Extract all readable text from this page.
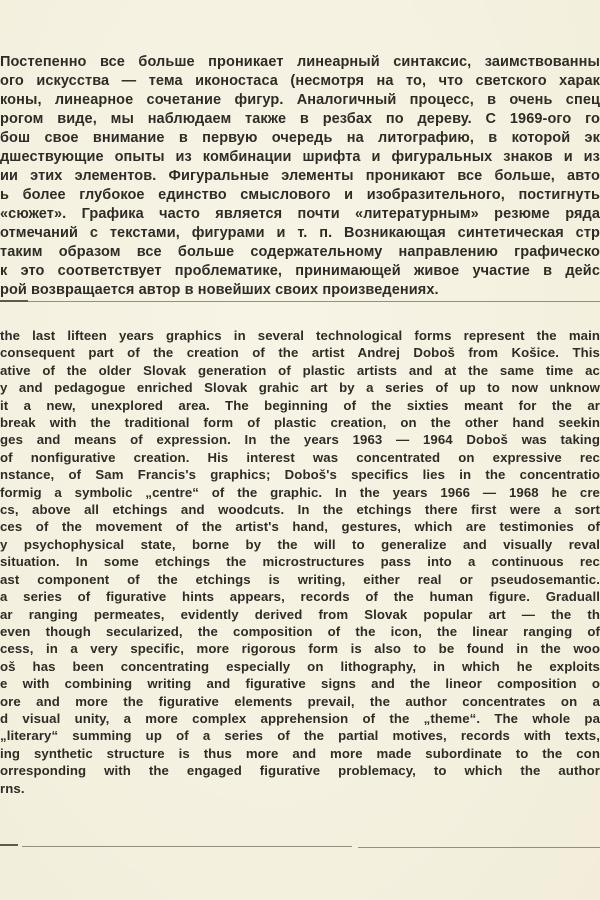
Постепенно все больше проникает линеарный синтаксис, заимствованны
ого искусства — тема иконостаса (несмотря на то, что светского харак
коны, линеарное сочетание фигур. Аналогичный процесс, в очень спец
рогом виде, мы наблюдаем также в резбах по дереву. С 1969-ого го
бош свое внимание в первую очередь на литографию, в которой эк
дшествующие опыты из комбинации шрифта и фигуральных знаков и из
ии этих элементов. Фигуральные элементы проникают все больше, авто
ь более глубокое единство смыслового и изобразительного, постигнуть
«сюжет». Графика часто является почти «литературным» резюме ряда
отмечаний с текстами, фигурами и т. п. Возникающая синтетическая стр
таким образом все больше содержательному направлению графическо
к это соответствует проблематике, принимающей живое участие в дейс
рой возвращается автор в новейших своих произведениях.
the last lifteen years graphics in several technological forms represent the main
consequent part of the creation of the artist Andrej Doboš from Košice. This
ative of the older Slovak generation of plastic artists and at the same time ac
y and pedagogue enriched Slovak grahic art by a series of up to now unknow
it a new, unexplored area. The beginning of the sixties meant for the ar
break with the traditional form of plastic creation, on the other hand seekin
ges and means of expression. In the years 1963 — 1964 Doboš was taking
of nonfigurative creation. His interest was concentrated on expressive rec
nstance, of Sam Francis's graphics; Doboš's specifics lies in the concentratio
formig a symbolic „centre“ of the graphic. In the years 1966 — 1968 he cre
cs, above all etchings and woodcuts. In the etchings there first were a sort
ces of the movement of the artist's hand, gestures, which are testimonies of
y psychophysical state, borne by the will to generalize and visually reval
situation. In some etchings the microstructures pass into a continuous rec
ast component of the etchings is writing, either real or pseudosemantic.
a series of figurative hints appears, records of the human figure. Graduall
ar ranging permeates, evidently derived from Slovak popular art — the th
even though secularized, the composition of the icon, the linear ranging of
cess, in a very specific, more rigorous form is also to be found in the woo
oš has been concentrating especially on lithography, in which he exploits
e with combining writing and figurative signs and the lineor composition o
ore and more the figurative elements prevail, the author concentrates on a
d visual unity, a more complex apprehension of the „theme“. The whole pa
„literary“ summing up of a series of the partial motives, records with texts,
ing synthetic structure is thus more and more made subordinate to the con
orresponding with the engaged figurative problemacy, to which the author
rns.
